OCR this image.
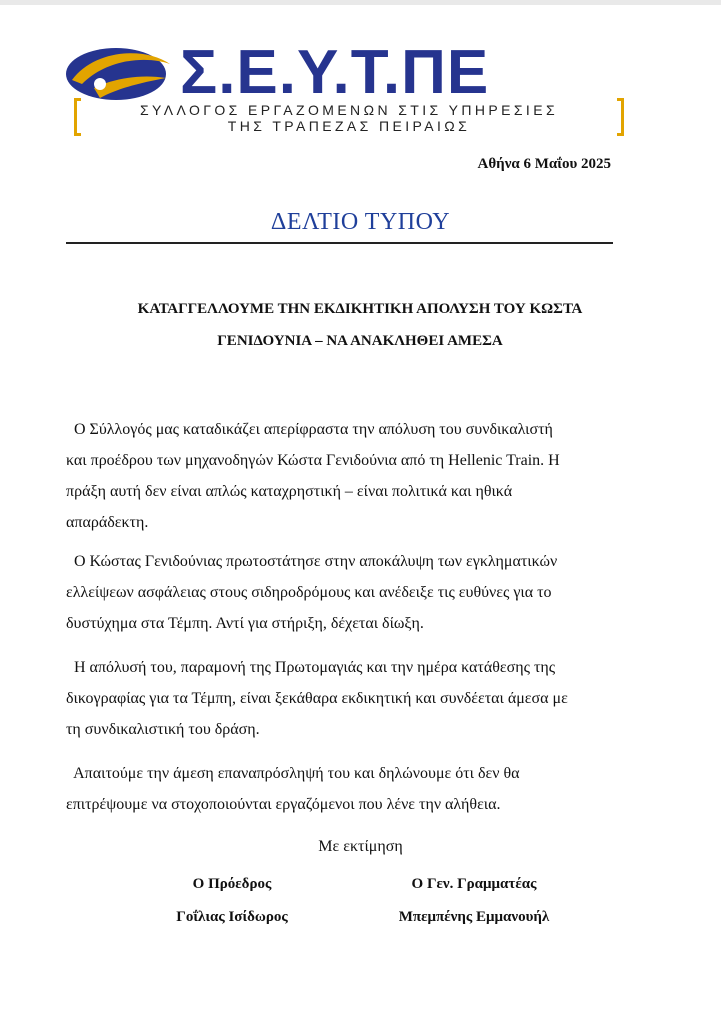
Σ.Ε.Υ.Τ.ΠΕ
ΣΥΛΛΟΓΟΣ ΕΡΓΑΖΟΜΕΝΩΝ ΣΤΙΣ ΥΠΗΡΕΣΙΕΣ
ΤΗΣ ΤΡΑΠΕΖΑΣ ΠΕΙΡΑΙΩΣ
Αθήνα 6 Μαΐου 2025
ΔΕΛΤΙΟ ΤΥΠΟΥ
ΚΑΤΑΓΓΕΛΛΟΥΜΕ ΤΗΝ ΕΚΔΙΚΗΤΙΚΗ ΑΠΟΛΥΣΗ ΤΟΥ ΚΩΣΤΑ
ΓΕΝΙΔΟΥΝΙΑ – ΝΑ ΑΝΑΚΛΗΘΕΙ ΑΜΕΣΑ
Ο Σύλλογός μας καταδικάζει απερίφραστα την απόλυση του συνδικαλιστή
και προέδρου των μηχανοδηγών Κώστα Γενιδούνια από τη Hellenic Train. Η
πράξη αυτή δεν είναι απλώς καταχρηστική – είναι πολιτικά και ηθικά
απαράδεκτη.
Ο Κώστας Γενιδούνιας πρωτοστάτησε στην αποκάλυψη των εγκληματικών
ελλείψεων ασφάλειας στους σιδηροδρόμους και ανέδειξε τις ευθύνες για το
δυστύχημα στα Τέμπη. Αντί για στήριξη, δέχεται δίωξη.
Η απόλυσή του, παραμονή της Πρωτομαγιάς και την ημέρα κατάθεσης της
δικογραφίας για τα Τέμπη, είναι ξεκάθαρα εκδικητική και συνδέεται άμεσα με
τη συνδικαλιστική του δράση.
Απαιτούμε την άμεση επαναπρόσληψή του και δηλώνουμε ότι δεν θα
επιτρέψουμε να στοχοποιούνται εργαζόμενοι που λένε την αλήθεια.
Με εκτίμηση
Ο Πρόεδρος
Γοΐλιας Ισίδωρος
Ο Γεν. Γραμματέας
Μπεμπένης Εμμανουήλ
